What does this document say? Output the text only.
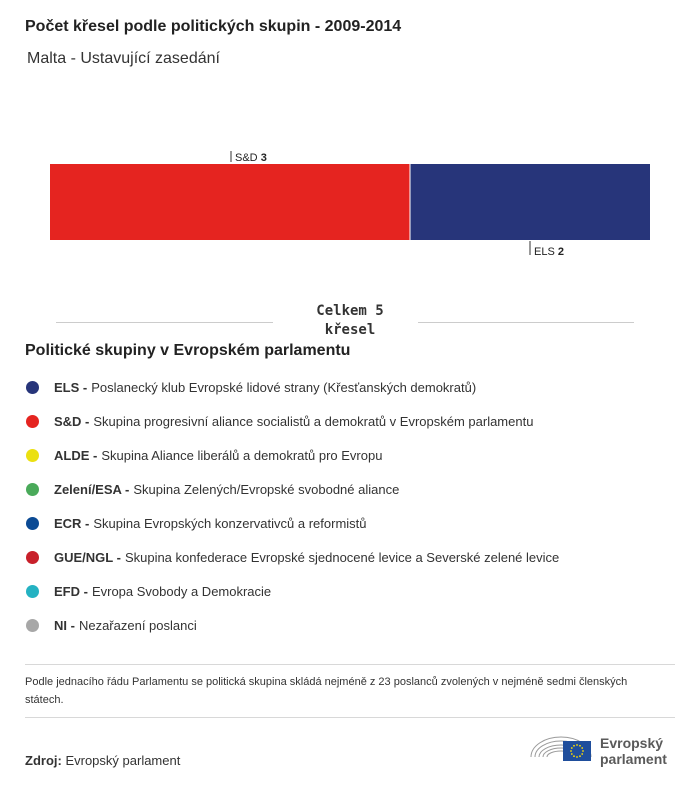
Počet křesel podle politických skupin - 2009-2014
Malta - Ustavující zasedání
S&D 3
ELS 2
Celkem 5 křesel
Politické skupiny v Evropském parlamentu
ELS - Poslanecký klub Evropské lidové strany (Křesťanských demokratů)
S&D - Skupina progresivní aliance socialistů a demokratů v Evropském parlamentu
ALDE - Skupina Aliance liberálů a demokratů pro Evropu
Zelení/ESA - Skupina Zelených/Evropské svobodné aliance
ECR - Skupina Evropských konzervativců a reformistů
GUE/NGL - Skupina konfederace Evropské sjednocené levice a Severské zelené levice
EFD - Evropa Svobody a Demokracie
NI - Nezařazení poslanci
Podle jednacího řádu Parlamentu se politická skupina skládá nejméně z 23 poslanců zvolených v nejméně sedmi členských státech.
Zdroj: Evropský parlament
Evropský
parlament
